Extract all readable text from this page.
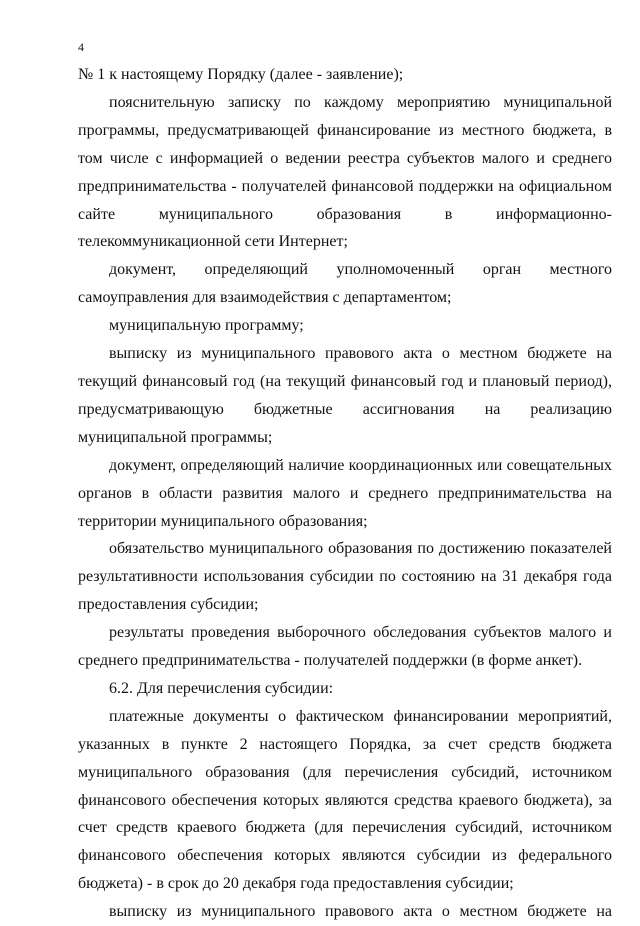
4

№ 1 к настоящему Порядку (далее - заявление);

пояснительную записку по каждому мероприятию муниципальной программы, предусматривающей финансирование из местного бюджета, в том числе с информацией о ведении реестра субъектов малого и среднего предпринимательства - получателей финансовой поддержки на официальном сайте муниципального образования в информационно-телекоммуникационной сети Интернет;

документ, определяющий уполномоченный орган местного самоуправления для взаимодействия с департаментом;

муниципальную программу;

выписку из муниципального правового акта о местном бюджете на текущий финансовый год (на текущий финансовый год и плановый период), предусматривающую бюджетные ассигнования на реализацию муниципальной программы;

документ, определяющий наличие координационных или совещательных органов в области развития малого и среднего предпринимательства на территории муниципального образования;

обязательство муниципального образования по достижению показателей результативности использования субсидии по состоянию на 31 декабря года предоставления субсидии;

результаты проведения выборочного обследования субъектов малого и среднего предпринимательства - получателей поддержки (в форме анкет).

6.2. Для перечисления субсидии:

платежные документы о фактическом финансировании мероприятий, указанных в пункте 2 настоящего Порядка, за счет средств бюджета муниципального образования (для перечисления субсидий, источником финансового обеспечения которых являются средства краевого бюджета), за счет средств краевого бюджета (для перечисления субсидий, источником финансового обеспечения которых являются субсидии из федерального бюджета) - в срок до 20 декабря года предоставления субсидии;

выписку из муниципального правового акта о местном бюджете на
